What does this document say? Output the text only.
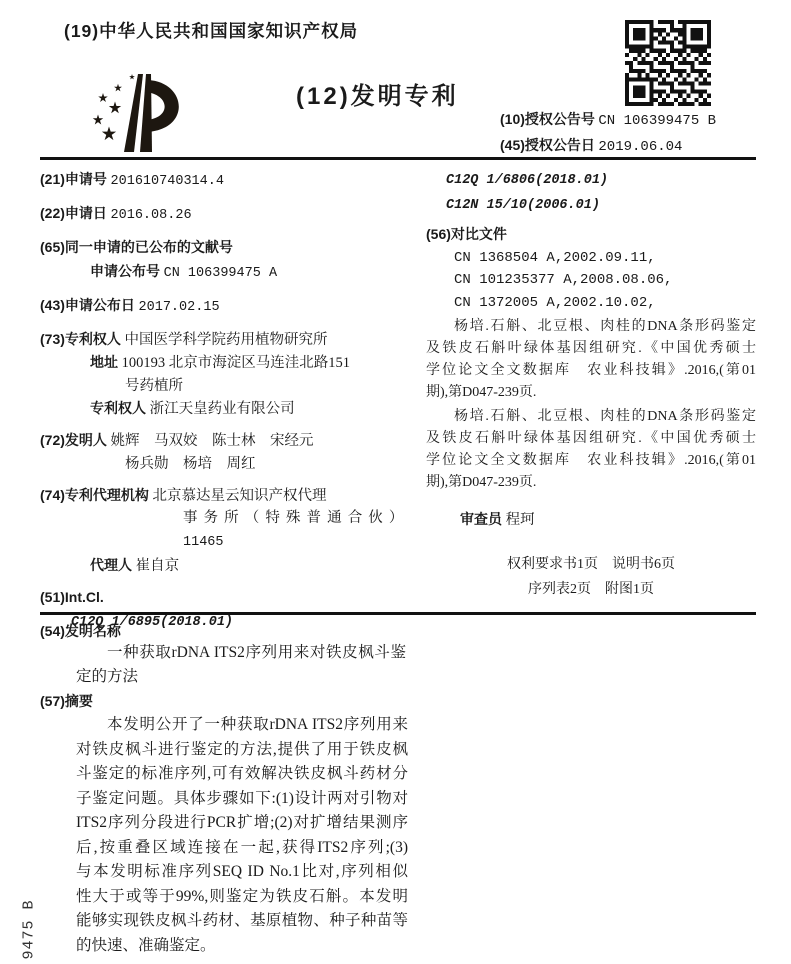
(19)中华人民共和国国家知识产权局
(12)发明专利
(10)授权公告号 CN 106399475 B
(45)授权公告日 2019.06.04
(21)申请号 201610740314.4
(22)申请日 2016.08.26
(65)同一申请的已公布的文献号
申请公布号 CN 106399475 A
(43)申请公布日 2017.02.15
(73)专利权人 中国医学科学院药用植物研究所
地址 100193 北京市海淀区马连洼北路151
号药植所
专利权人 浙江天皇药业有限公司
(72)发明人 姚辉　马双姣　陈士林　宋经元
杨兵勋　杨培　周红
(74)专利代理机构 北京慕达星云知识产权代理
事务所（特殊普通合伙）
11465
代理人 崔自京
(51)Int.Cl.
C12Q 1/6895(2018.01)
C12Q 1/6806(2018.01)
C12N 15/10(2006.01)
(56)对比文件
CN 1368504 A,2002.09.11,
CN 101235377 A,2008.08.06,
CN 1372005 A,2002.10.02,
杨培.石斛、北豆根、肉桂的DNA条形码鉴定
及铁皮石斛叶绿体基因组研究.《中国优秀硕士
学位论文全文数据库　农业科技辑》.2016,(第01
期),第D047-239页.
杨培.石斛、北豆根、肉桂的DNA条形码鉴定
及铁皮石斛叶绿体基因组研究.《中国优秀硕士
学位论文全文数据库　农业科技辑》.2016,(第01
期),第D047-239页.
审查员 程珂
权利要求书1页　说明书6页
序列表2页　附图1页
(54)发明名称
一种获取rDNA ITS2序列用来对铁皮枫斗鉴
定的方法
(57)摘要
本发明公开了一种获取rDNA ITS2序列用来
对铁皮枫斗进行鉴定的方法,提供了用于铁皮枫
斗鉴定的标准序列,可有效解决铁皮枫斗药材分
子鉴定问题。具体步骤如下:(1)设计两对引物对
ITS2序列分段进行PCR扩增;(2)对扩增结果测序
后,按重叠区域连接在一起,获得ITS2序列;(3)
与本发明标准序列SEQ ID No.1比对,序列相似
性大于或等于99%,则鉴定为铁皮石斛。本发明
能够实现铁皮枫斗药材、基原植物、种子种苗等
的快速、准确鉴定。
9475 B
